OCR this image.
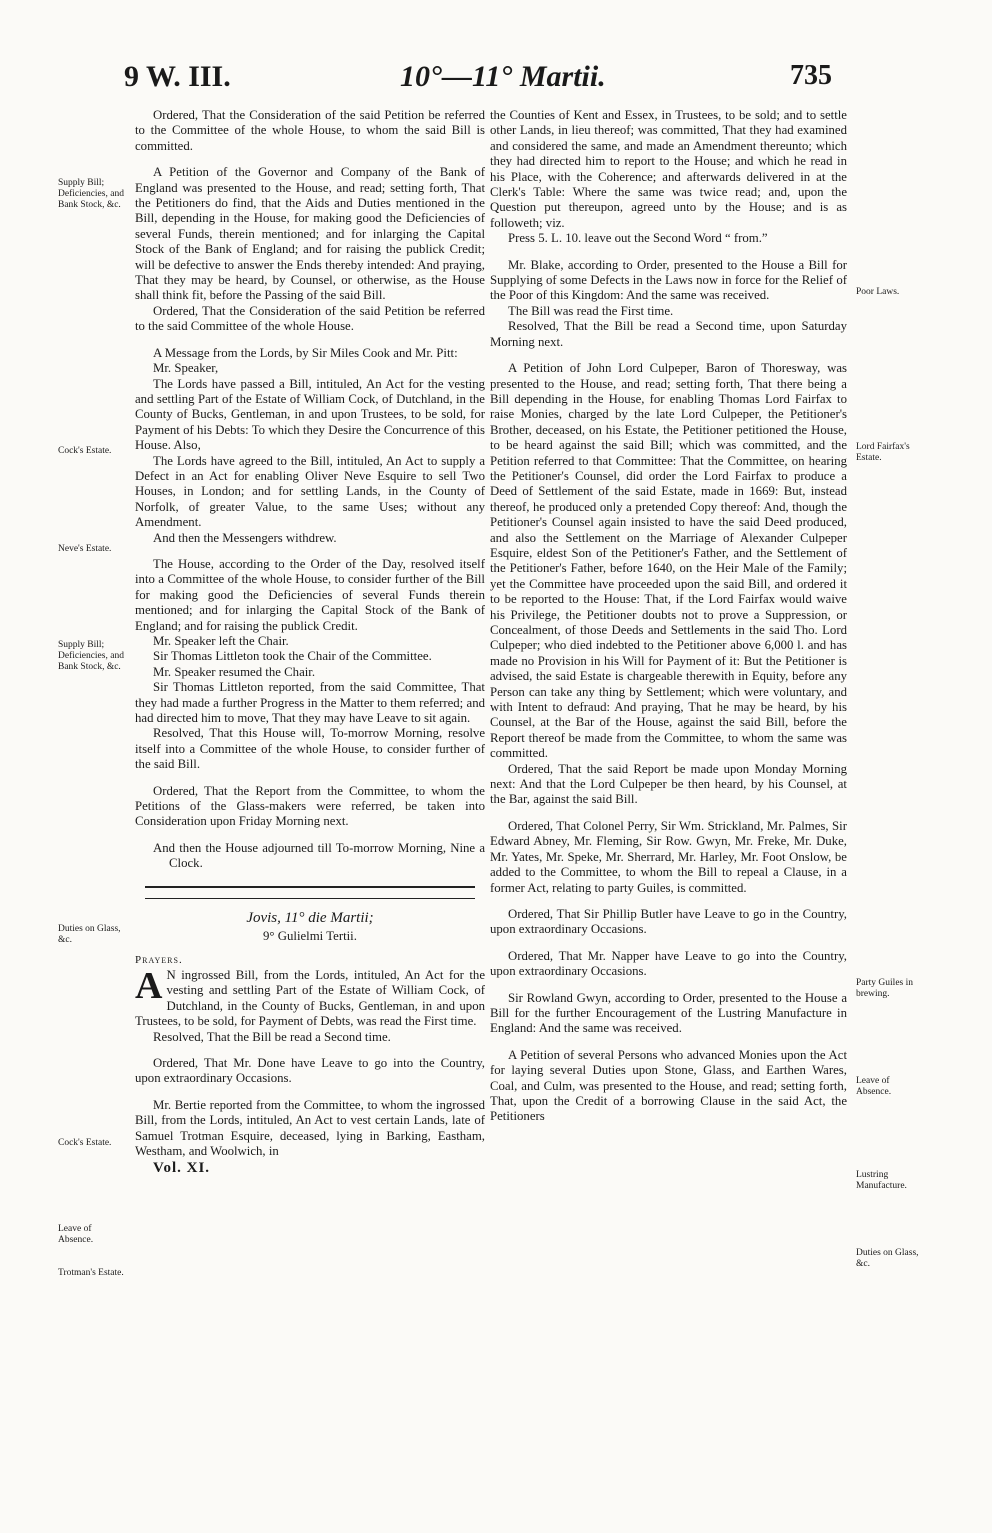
9 W. III.	10°—11° Martii.	735
Supply Bill; Deficiencies, and Bank Stock, &c.
Cock's Estate.
Neve's Estate.
Supply Bill; Deficiencies, and Bank Stock, &c.
Duties on Glass, &c.
Cock's Estate.
Leave of Absence.
Trotman's Estate.
Poor Laws.
Lord Fairfax's Estate.
Party Guiles in brewing.
Leave of Absence.
Lustring Manufacture.
Duties on Glass, &c.

Ordered, That the Consideration of the said Petition be referred to the Committee of the whole House, to whom the said Bill is committed.

A Petition of the Governor and Company of the Bank of England was presented to the House, and read; setting forth, That the Petitioners do find, that the Aids and Duties mentioned in the Bill, depending in the House, for making good the Deficiencies of several Funds, therein mentioned; and for inlarging the Capital Stock of the Bank of England; and for raising the publick Credit; will be defective to answer the Ends thereby intended: And praying, That they may be heard, by Counsel, or otherwise, as the House shall think fit, before the Passing of the said Bill.

Ordered, That the Consideration of the said Petition be referred to the said Committee of the whole House.

A Message from the Lords, by Sir Miles Cook and Mr. Pitt:

Mr. Speaker,

The Lords have passed a Bill, intituled, An Act for the vesting and settling Part of the Estate of William Cock, of Dutchland, in the County of Bucks, Gentleman, in and upon Trustees, to be sold, for Payment of his Debts: To which they Desire the Concurrence of this House. Also,

The Lords have agreed to the Bill, intituled, An Act to supply a Defect in an Act for enabling Oliver Neve Esquire to sell Two Houses, in London; and for settling Lands, in the County of Norfolk, of greater Value, to the same Uses; without any Amendment.

And then the Messengers withdrew.

The House, according to the Order of the Day, resolved itself into a Committee of the whole House, to consider further of the Bill for making good the Deficiencies of several Funds therein mentioned; and for inlarging the Capital Stock of the Bank of England; and for raising the publick Credit.

Mr. Speaker left the Chair.

Sir Thomas Littleton took the Chair of the Committee.

Mr. Speaker resumed the Chair.

Sir Thomas Littleton reported, from the said Committee, That they had made a further Progress in the Matter to them referred; and had directed him to move, That they may have Leave to sit again.

Resolved, That this House will, To-morrow Morning, resolve itself into a Committee of the whole House, to consider further of the said Bill.

Ordered, That the Report from the Committee, to whom the Petitions of the Glass-makers were referred, be taken into Consideration upon Friday Morning next.

And then the House adjourned till To-morrow Morning, Nine a Clock.

Jovis, 11° die Martii;

9° Gulielmi Tertii.

Prayers.

A N ingrossed Bill, from the Lords, intituled, An Act for the vesting and settling Part of the Estate of William Cock, of Dutchland, in the County of Bucks, Gentleman, in and upon Trustees, to be sold, for Payment of Debts, was read the First time.

Resolved, That the Bill be read a Second time.

Ordered, That Mr. Done have Leave to go into the Country, upon extraordinary Occasions.

Mr. Bertie reported from the Committee, to whom the ingrossed Bill, from the Lords, intituled, An Act to vest certain Lands, late of Samuel Trotman Esquire, deceased, lying in Barking, Eastham, Westham, and Woolwich, in

Vol. XI.

the Counties of Kent and Essex, in Trustees, to be sold; and to settle other Lands, in lieu thereof; was committed, That they had examined and considered the same, and made an Amendment thereunto; which they had directed him to report to the House; and which he read in his Place, with the Coherence; and afterwards delivered in at the Clerk's Table: Where the same was twice read; and, upon the Question put thereupon, agreed unto by the House; and is as followeth; viz.

Press 5. L. 10. leave out the Second Word “ from.”

Mr. Blake, according to Order, presented to the House a Bill for Supplying of some Defects in the Laws now in force for the Relief of the Poor of this Kingdom: And the same was received.

The Bill was read the First time.

Resolved, That the Bill be read a Second time, upon Saturday Morning next.

A Petition of John Lord Culpeper, Baron of Thoresway, was presented to the House, and read; setting forth, That there being a Bill depending in the House, for enabling Thomas Lord Fairfax to raise Monies, charged by the late Lord Culpeper, the Petitioner's Brother, deceased, on his Estate, the Petitioner petitioned the House, to be heard against the said Bill; which was committed, and the Petition referred to that Committee: That the Committee, on hearing the Petitioner's Counsel, did order the Lord Fairfax to produce a Deed of Settlement of the said Estate, made in 1669: But, instead thereof, he produced only a pretended Copy thereof: And, though the Petitioner's Counsel again insisted to have the said Deed produced, and also the Settlement on the Marriage of Alexander Culpeper Esquire, eldest Son of the Petitioner's Father, and the Settlement of the Petitioner's Father, before 1640, on the Heir Male of the Family; yet the Committee have proceeded upon the said Bill, and ordered it to be reported to the House: That, if the Lord Fairfax would waive his Privilege, the Petitioner doubts not to prove a Suppression, or Concealment, of those Deeds and Settlements in the said Tho. Lord Culpeper; who died indebted to the Petitioner above 6,000 l. and has made no Provision in his Will for Payment of it: But the Petitioner is advised, the said Estate is chargeable therewith in Equity, before any Person can take any thing by Settlement; which were voluntary, and with Intent to defraud: And praying, That he may be heard, by his Counsel, at the Bar of the House, against the said Bill, before the Report thereof be made from the Committee, to whom the same was committed.

Ordered, That the said Report be made upon Monday Morning next: And that the Lord Culpeper be then heard, by his Counsel, at the Bar, against the said Bill.

Ordered, That Colonel Perry, Sir Wm. Strickland, Mr. Palmes, Sir Edward Abney, Mr. Fleming, Sir Row. Gwyn, Mr. Freke, Mr. Duke, Mr. Yates, Mr. Speke, Mr. Sherrard, Mr. Harley, Mr. Foot Onslow, be added to the Committee, to whom the Bill to repeal a Clause, in a former Act, relating to party Guiles, is committed.

Ordered, That Sir Phillip Butler have Leave to go in the Country, upon extraordinary Occasions.

Ordered, That Mr. Napper have Leave to go into the Country, upon extraordinary Occasions.

Sir Rowland Gwyn, according to Order, presented to the House a Bill for the further Encouragement of the Lustring Manufacture in England: And the same was received.

A Petition of several Persons who advanced Monies upon the Act for laying several Duties upon Stone, Glass, and Earthen Wares, Coal, and Culm, was presented to the House, and read; setting forth, That, upon the Credit of a borrowing Clause in the said Act, the Petitioners
